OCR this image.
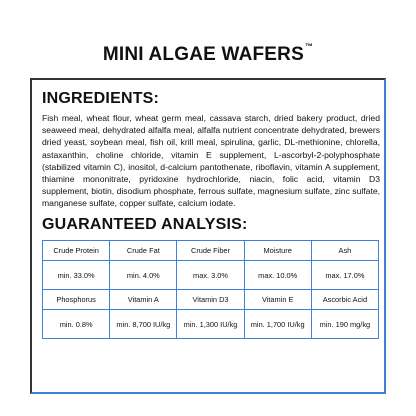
MINI ALGAE WAFERS™
INGREDIENTS:
Fish meal, wheat flour, wheat germ meal, cassava starch, dried bakery product, dried seaweed meal, dehydrated alfalfa meal, alfalfa nutrient concentrate dehydrated, brewers dried yeast, soybean meal, fish oil, krill meal, spirulina, garlic, DL-methionine, chlorella, astaxanthin, choline chloride, vitamin E supplement, L-ascorbyl-2-polyphosphate (stabilized vitamin C), inositol, d-calcium pantothenate, riboflavin, vitamin A supplement, thiamine mononitrate, pyridoxine hydrochloride, niacin, folic acid, vitamin D3 supplement, biotin, disodium phosphate, ferrous sulfate, magnesium sulfate, zinc sulfate, manganese sulfate, copper sulfate, calcium iodate.
GUARANTEED ANALYSIS:
Crude Protein	Crude Fat	Crude Fiber	Moisture	Ash
min. 33.0%	min. 4.0%	max. 3.0%	max. 10.0%	max. 17.0%
Phosphorus	Vitamin A	Vitamin D3	Vitamin E	Ascorbic Acid
min. 0.8%	min. 8,700 IU/kg	min. 1,300 IU/kg	min. 1,700 IU/kg	min. 190 mg/kg
